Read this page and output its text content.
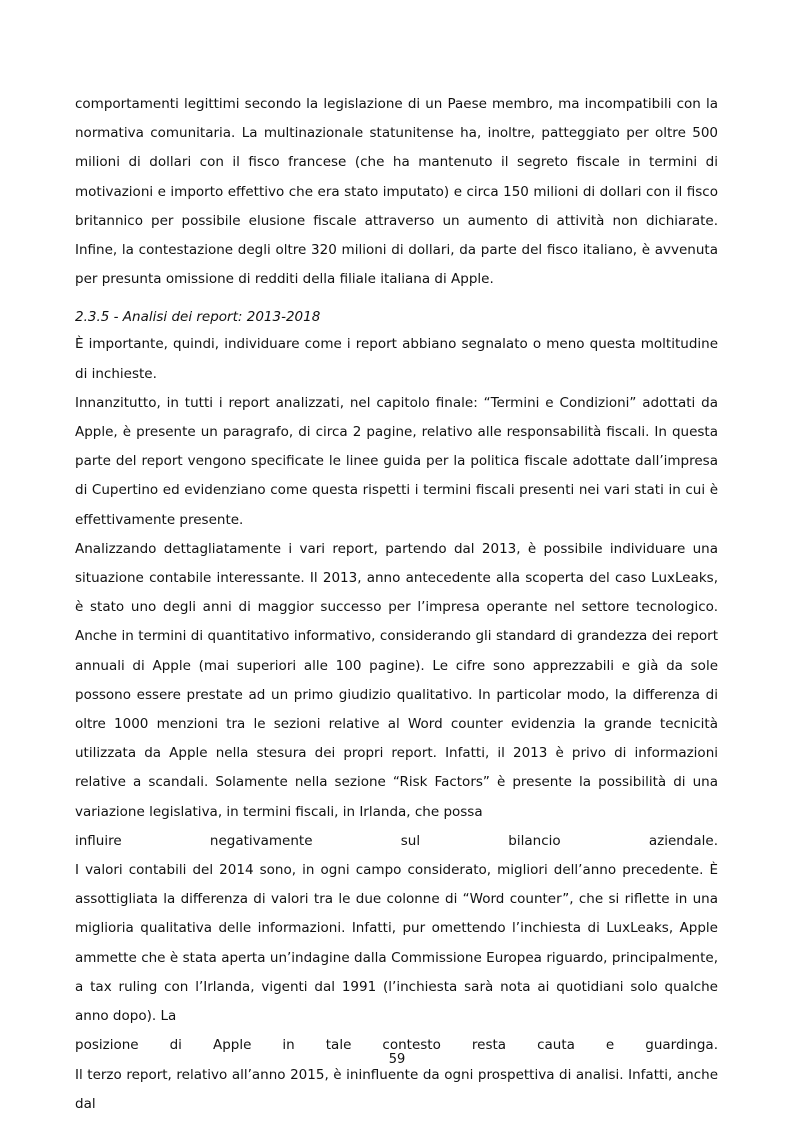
comportamenti legittimi secondo la legislazione di un Paese membro, ma incompatibili con la normativa comunitaria. La multinazionale statunitense ha, inoltre, patteggiato per oltre 500 milioni di dollari con il fisco francese (che ha mantenuto il segreto fiscale in termini di motivazioni e importo effettivo che era stato imputato) e circa 150 milioni di dollari con il fisco britannico per possibile elusione fiscale attraverso un aumento di attività non dichiarate. Infine, la contestazione degli oltre 320 milioni di dollari, da parte del fisco italiano, è avvenuta per presunta omissione di redditi della filiale italiana di Apple.

2.3.5 - Analisi dei report: 2013-2018

È importante, quindi, individuare come i report abbiano segnalato o meno questa moltitudine di inchieste.

Innanzitutto, in tutti i report analizzati, nel capitolo finale: “Termini e Condizioni” adottati da Apple, è presente un paragrafo, di circa 2 pagine, relativo alle responsabilità fiscali. In questa parte del report vengono specificate le linee guida per la politica fiscale adottate dall’impresa di Cupertino ed evidenziano come questa rispetti i termini fiscali presenti nei vari stati in cui è effettivamente presente.

Analizzando dettagliatamente i vari report, partendo dal 2013, è possibile individuare una situazione contabile interessante. Il 2013, anno antecedente alla scoperta del caso LuxLeaks, è stato uno degli anni di maggior successo per l’impresa operante nel settore tecnologico. Anche in termini di quantitativo informativo, considerando gli standard di grandezza dei report annuali di Apple (mai superiori alle 100 pagine). Le cifre sono apprezzabili e già da sole possono essere prestate ad un primo giudizio qualitativo. In particolar modo, la differenza di oltre 1000 menzioni tra le sezioni relative al Word counter evidenzia la grande tecnicità utilizzata da Apple nella stesura dei propri report. Infatti, il 2013 è privo di informazioni relative a scandali. Solamente nella sezione “Risk Factors” è presente la possibilità di una variazione legislativa, in termini fiscali, in Irlanda, che possa

influire negativamente sul bilancio aziendale.

I valori contabili del 2014 sono, in ogni campo considerato, migliori dell’anno precedente. È assottigliata la differenza di valori tra le due colonne di “Word counter”, che si riflette in una miglioria qualitativa delle informazioni. Infatti, pur omettendo l’inchiesta di LuxLeaks, Apple ammette che è stata aperta un’indagine dalla Commissione Europea riguardo, principalmente, a tax ruling con l’Irlanda, vigenti dal 1991 (l’inchiesta sarà nota ai quotidiani solo qualche anno dopo). La

posizione di Apple in tale contesto resta cauta e guardinga.

Il terzo report, relativo all’anno 2015, è ininfluente da ogni prospettiva di analisi. Infatti, anche dal

59
